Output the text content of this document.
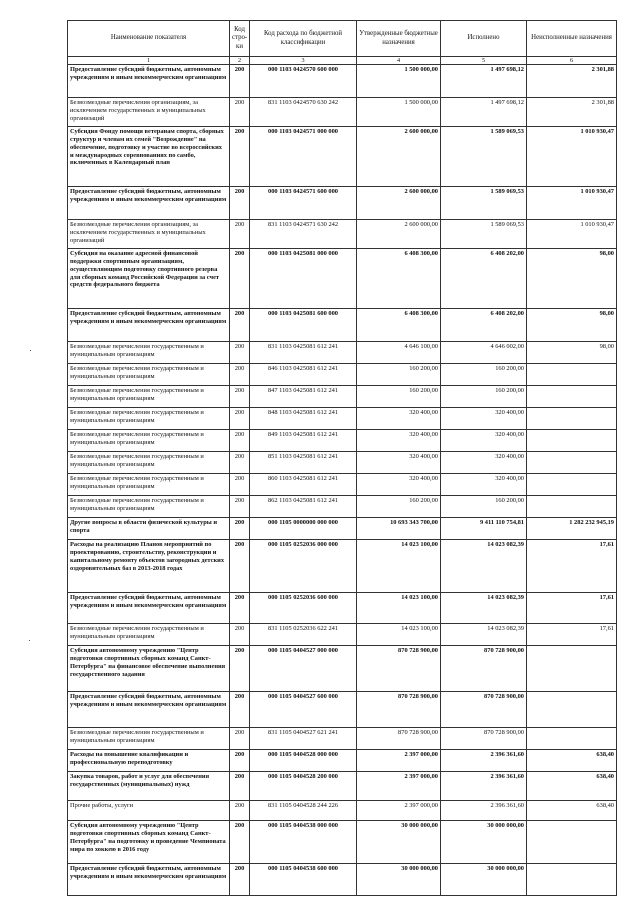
Наименование показателя	Код стро-ки	Код расхода по бюджетной классификации	Утвержденные бюджетные назначения	Исполнено	Неисполненные назначения
1	2	3	4	5	6
Предоставление субсидий бюджетным, автономным учреждениям и иным некоммерческим организациям	200	000 1103 0424570 600 000	1 500 000,00	1 497 698,12	2 301,88
Безвозмездные перечисления организациям, за исключением государственных и муниципальных организаций	200	831 1103 0424570 630 242	1 500 000,00	1 497 698,12	2 301,88
Субсидия Фонду помощи ветеранам спорта, сборных структур и членам их семей "Возрождение" на обеспечение, подготовку и участие во всероссийских и международных соревнованиях по самбо, включенных в Календарный план	200	000 1103 0424571 000 000	2 600 000,00	1 589 069,53	1 010 930,47
Предоставление субсидий бюджетным, автономным учреждениям и иным некоммерческим организациям	200	000 1103 0424571 600 000	2 600 000,00	1 589 069,53	1 010 930,47
Безвозмездные перечисления организациям, за исключением государственных и муниципальных организаций	200	831 1103 0424571 630 242	2 600 000,00	1 589 069,53	1 010 930,47
Субсидия на оказание адресной финансовой поддержки спортивным организациям, осуществляющим подготовку спортивного резерва для сборных команд Российской Федерации за счет средств федерального бюджета	200	000 1103 0425081 000 000	6 408 300,00	6 408 202,00	98,00
Предоставление субсидий бюджетным, автономным учреждениям и иным некоммерческим организациям	200	000 1103 0425081 600 000	6 408 300,00	6 408 202,00	98,00
Безвозмездные перечисления государственным и муниципальным организациям	200	831 1103 0425081 612 241	4 646 100,00	4 646 002,00	98,00
Безвозмездные перечисления государственным и муниципальным организациям	200	846 1103 0425081 612 241	160 200,00	160 200,00	
Безвозмездные перечисления государственным и муниципальным организациям	200	847 1103 0425081 612 241	160 200,00	160 200,00	
Безвозмездные перечисления государственным и муниципальным организациям	200	848 1103 0425081 612 241	320 400,00	320 400,00	
Безвозмездные перечисления государственным и муниципальным организациям	200	849 1103 0425081 612 241	320 400,00	320 400,00	
Безвозмездные перечисления государственным и муниципальным организациям	200	851 1103 0425081 612 241	320 400,00	320 400,00	
Безвозмездные перечисления государственным и муниципальным организациям	200	860 1103 0425081 612 241	320 400,00	320 400,00	
Безвозмездные перечисления государственным и муниципальным организациям	200	862 1103 0425081 612 241	160 200,00	160 200,00	
Другие вопросы в области физической культуры и спорта	200	000 1105 0000000 000 000	10 693 343 700,00	9 411 110 754,81	1 282 232 945,19
Расходы на реализацию Планов мероприятий по проектированию, строительству, реконструкции и капитальному ремонту объектов загородных детских оздоровительных баз в 2013-2018 годах	200	000 1105 0252036 000 000	14 023 100,00	14 023 082,39	17,61
Предоставление субсидий бюджетным, автономным учреждениям и иным некоммерческим организациям	200	000 1105 0252036 600 000	14 023 100,00	14 023 082,39	17,61
Безвозмездные перечисления государственным и муниципальным организациям	200	831 1105 0252036 622 241	14 023 100,00	14 023 082,39	17,61
Субсидия автономному учреждению "Центр подготовки спортивных сборных команд Санкт-Петербурга" на финансовое обеспечение выполнения государственного задания	200	000 1105 0404527 000 000	870 728 900,00	870 728 900,00	
Предоставление субсидий бюджетным, автономным учреждениям и иным некоммерческим организациям	200	000 1105 0404527 600 000	870 728 900,00	870 728 900,00	
Безвозмездные перечисления государственным и муниципальным организациям	200	831 1105 0404527 621 241	870 728 900,00	870 728 900,00	
Расходы на повышение квалификации и профессиональную переподготовку	200	000 1105 0404528 000 000	2 397 000,00	2 396 361,60	638,40
Закупка товаров, работ и услуг для обеспечения государственных (муниципальных) нужд	200	000 1105 0404528 200 000	2 397 000,00	2 396 361,60	638,40
Прочие работы, услуги	200	831 1105 0404528 244 226	2 397 000,00	2 396 361,60	638,40
Субсидия автономному учреждению "Центр подготовки спортивных сборных команд Санкт-Петербурга" на подготовку и проведение Чемпионата мира по хоккею в 2016 году	200	000 1105 0404538 000 000	30 000 000,00	30 000 000,00	
Предоставление субсидий бюджетным, автономным учреждениям и иным некоммерческим организациям	200	000 1105 0404538 600 000	30 000 000,00	30 000 000,00	
